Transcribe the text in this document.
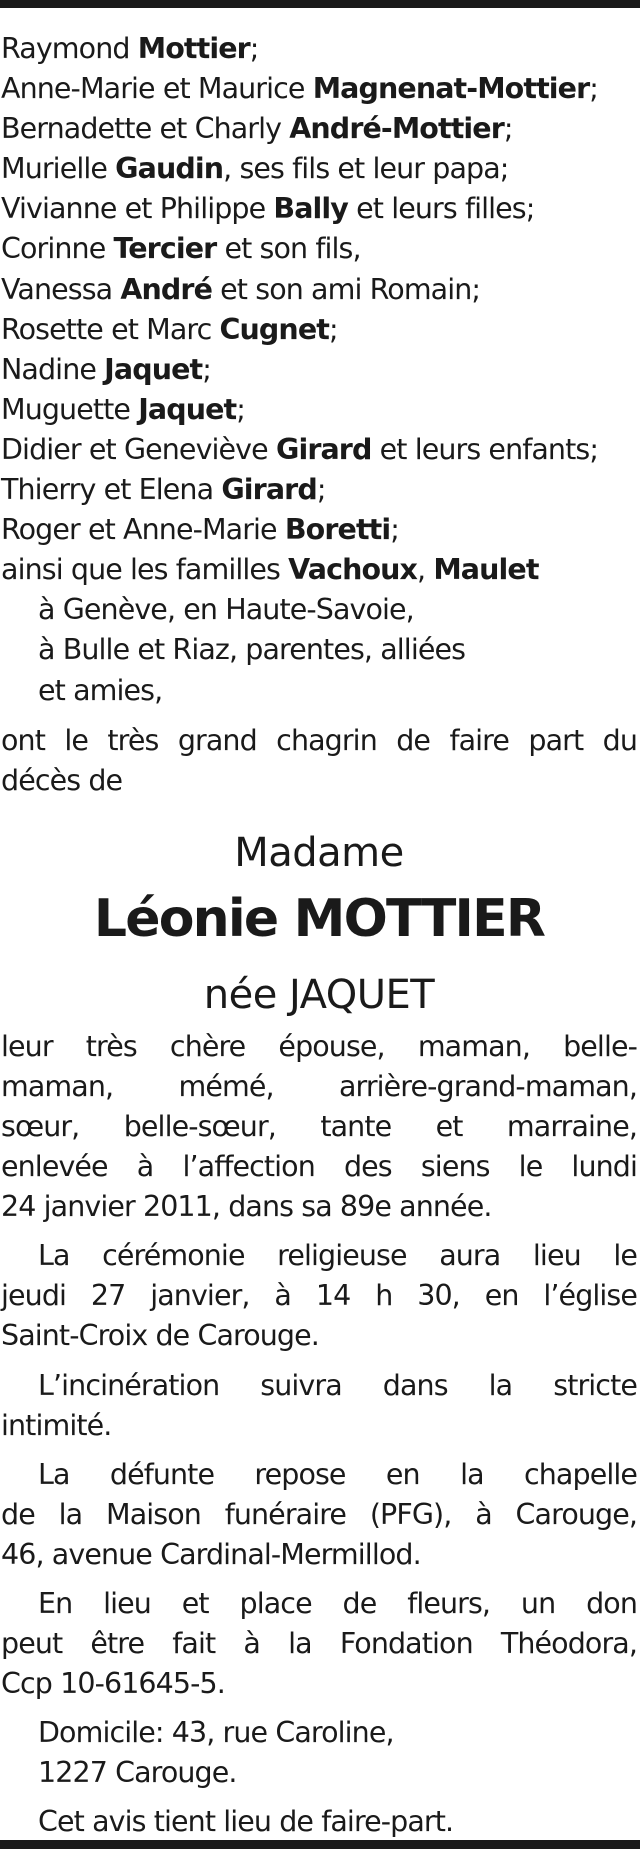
Raymond Mottier;
Anne-Marie et Maurice Magnenat-Mottier;
Bernadette et Charly André-Mottier;
Murielle Gaudin, ses fils et leur papa;
Vivianne et Philippe Bally et leurs filles;
Corinne Tercier et son fils,
Vanessa André et son ami Romain;
Rosette et Marc Cugnet;
Nadine Jaquet;
Muguette Jaquet;
Didier et Geneviève Girard et leurs enfants;
Thierry et Elena Girard;
Roger et Anne-Marie Boretti;
ainsi que les familles Vachoux, Maulet
à Genève, en Haute-Savoie,
à Bulle et Riaz, parentes, alliées
et amies,
ont le très grand chagrin de faire part du
décès de
Madame
Léonie MOTTIER
née JAQUET
leur très chère épouse, maman, belle-
maman, mémé, arrière-grand-maman,
sœur, belle-sœur, tante et marraine,
enlevée à l’affection des siens le lundi
24 janvier 2011, dans sa 89e année.
La cérémonie religieuse aura lieu le
jeudi 27 janvier, à 14 h 30, en l’église
Saint-Croix de Carouge.
L’incinération suivra dans la stricte
intimité.
La défunte repose en la chapelle
de la Maison funéraire (PFG), à Carouge,
46, avenue Cardinal-Mermillod.
En lieu et place de fleurs, un don
peut être fait à la Fondation Théodora,
Ccp 10-61645-5.
Domicile: 43, rue Caroline,
1227 Carouge.
Cet avis tient lieu de faire-part.
